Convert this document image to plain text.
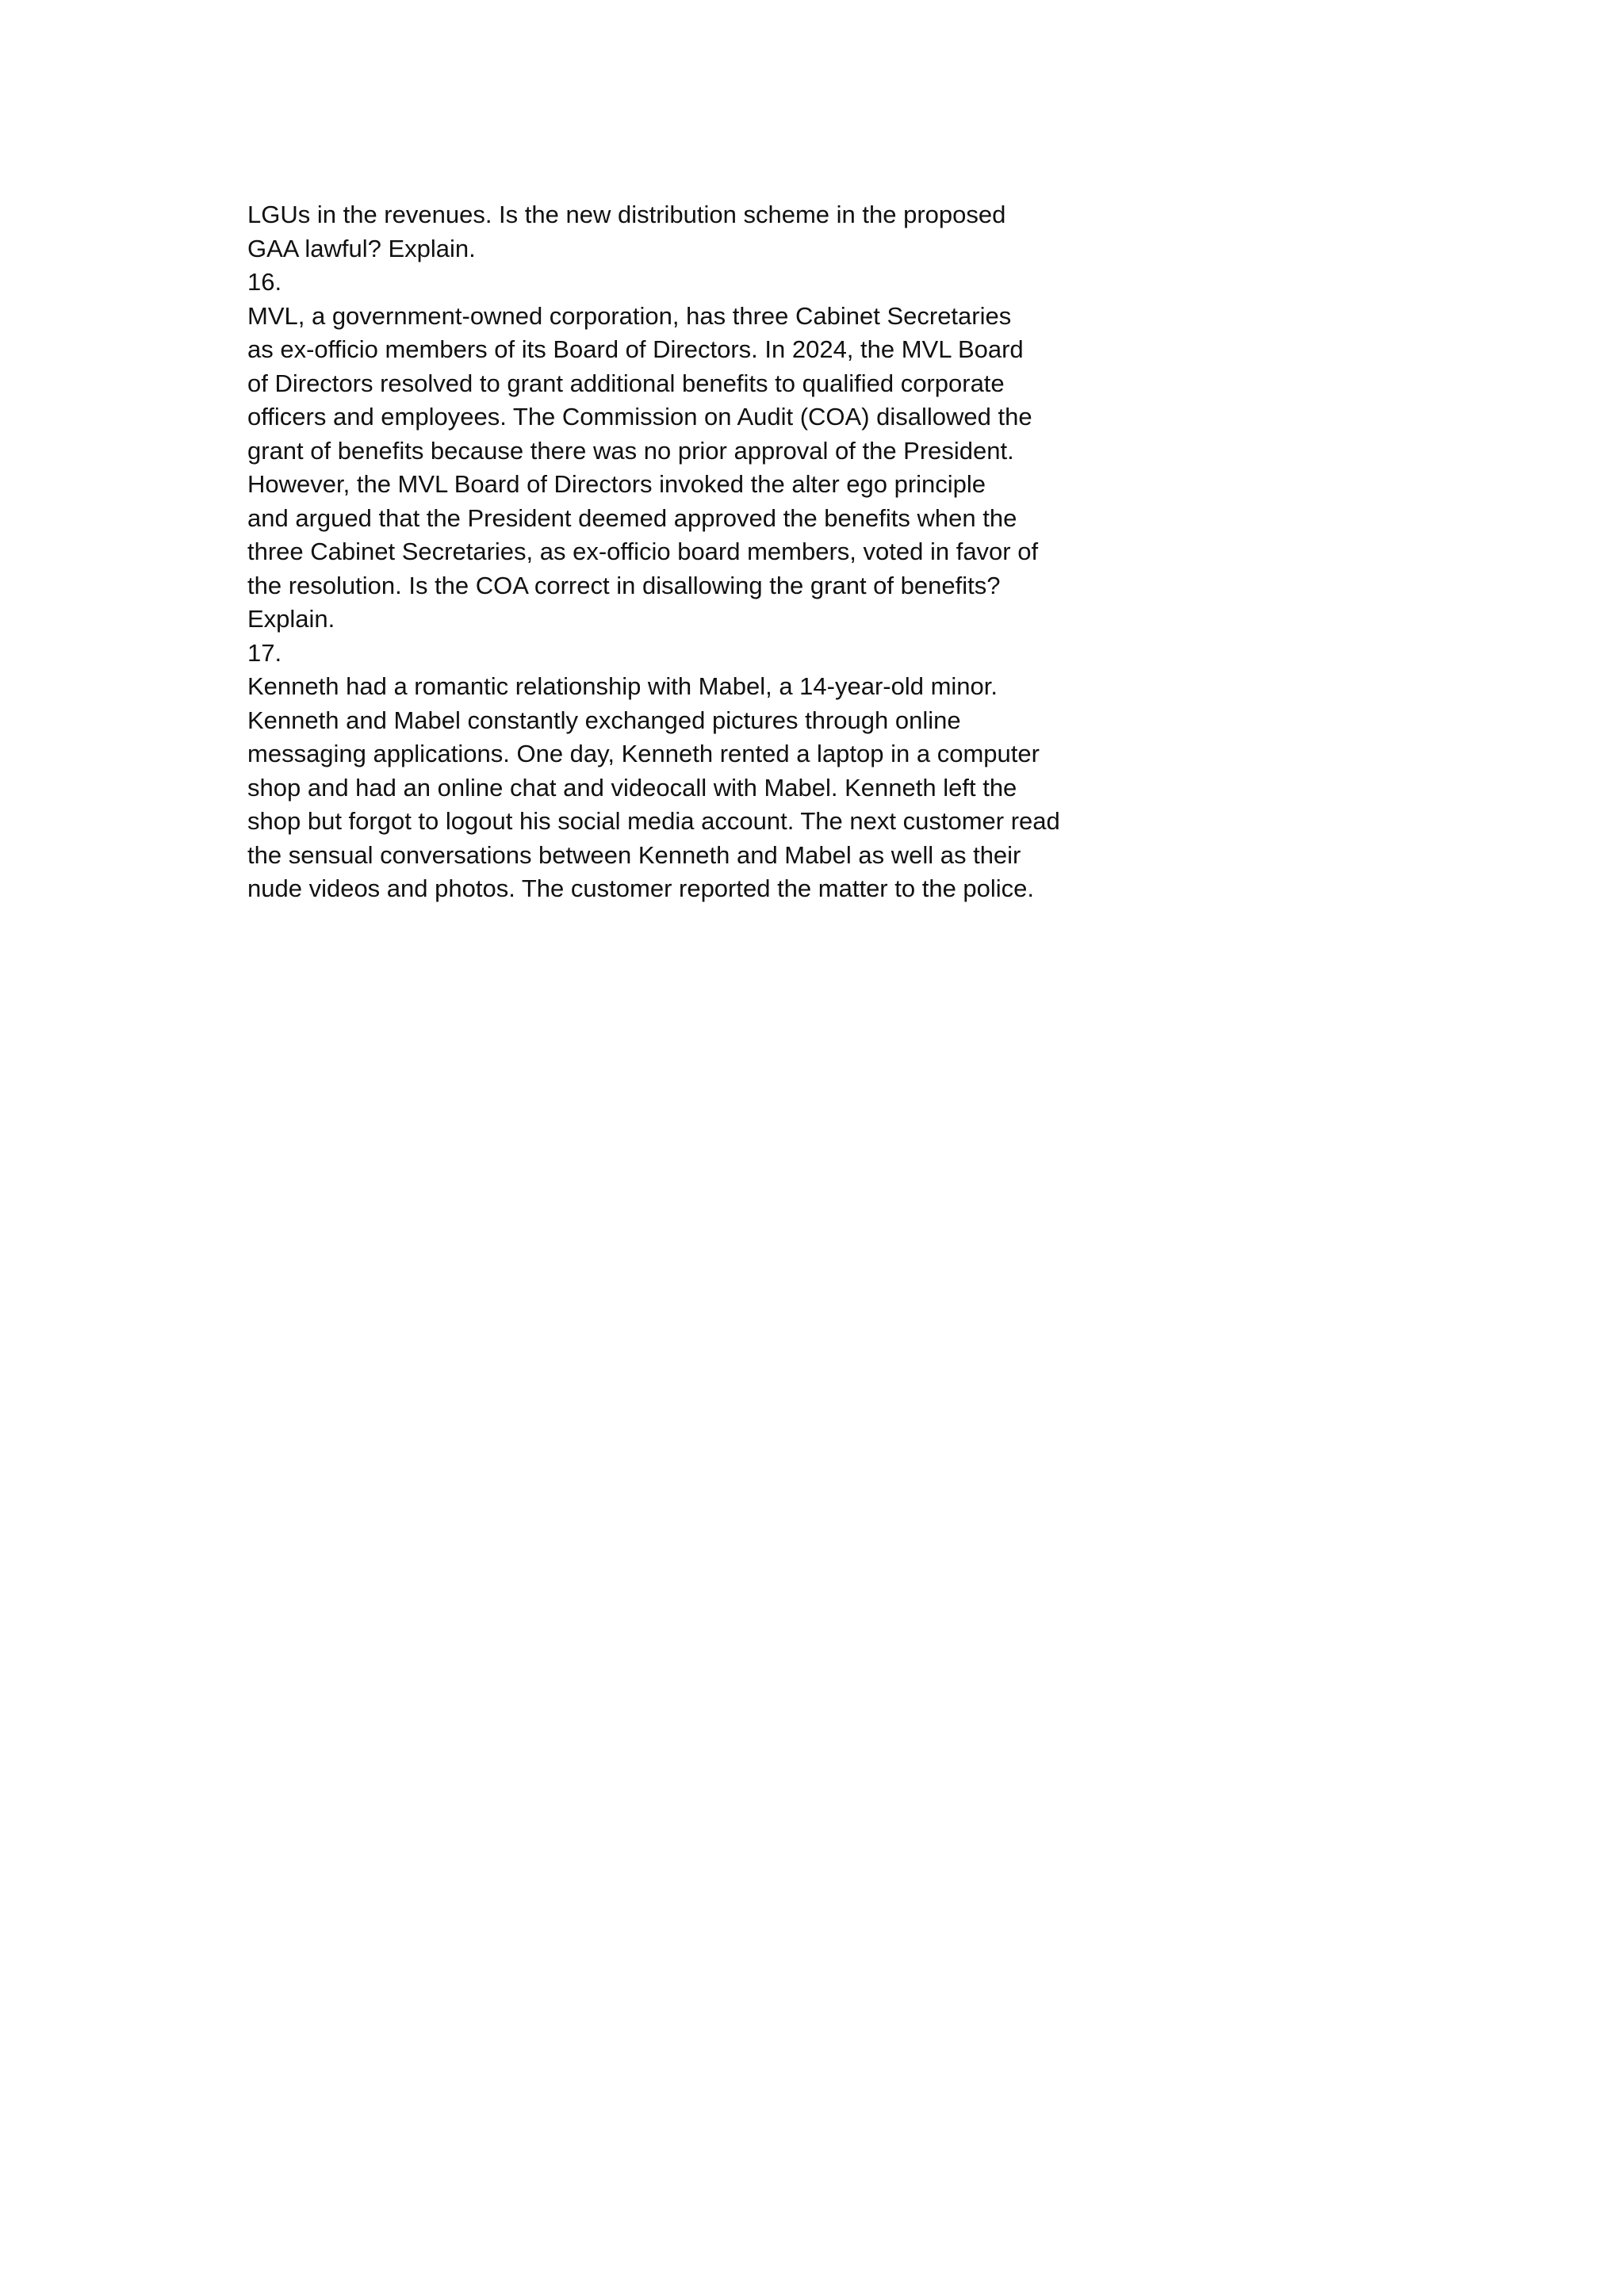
LGUs in the revenues. Is the new distribution scheme in the proposed
GAA lawful? Explain.
16.
MVL, a government-owned corporation, has three Cabinet Secretaries
as ex-officio members of its Board of Directors. In 2024, the MVL Board
of Directors resolved to grant additional benefits to qualified corporate
officers and employees. The Commission on Audit (COA) disallowed the
grant of benefits because there was no prior approval of the President.
However, the MVL Board of Directors invoked the alter ego principle
and argued that the President deemed approved the benefits when the
three Cabinet Secretaries, as ex-officio board members, voted in favor of
the resolution. Is the COA correct in disallowing the grant of benefits?
Explain.
17.
Kenneth had a romantic relationship with Mabel, a 14-year-old minor.
Kenneth and Mabel constantly exchanged pictures through online
messaging applications. One day, Kenneth rented a laptop in a computer
shop and had an online chat and videocall with Mabel. Kenneth left the
shop but forgot to logout his social media account. The next customer read
the sensual conversations between Kenneth and Mabel as well as their
nude videos and photos. The customer reported the matter to the police.
